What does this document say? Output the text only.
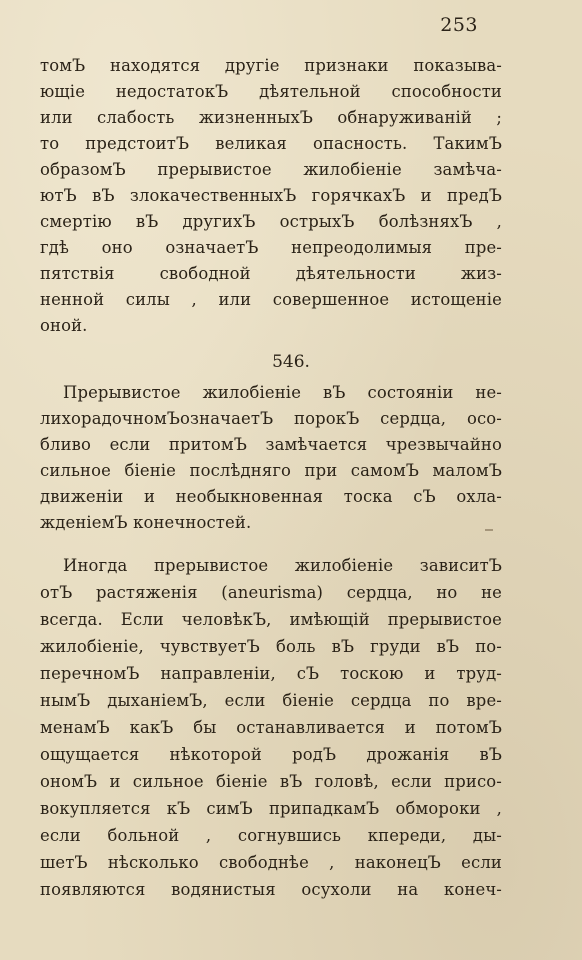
253
томЪ находятся другіе признаки показыва-
ющіе недостатокЪ дѣятельной способности
или слабость жизненныхЪ обнаруживаній ;
то предстоитЪ великая опасность. ТакимЪ
образомЪ прерывистое жилобіеніе замѣча-
ютЪ вЪ злокачественныхЪ горячкахЪ и предЪ
смертію вЪ другихЪ острыхЪ болѣзняхЪ ,
гдѣ оно означаетЪ непреодолимыя пре-
пятствія свободной дѣятельности жиз-
ненной силы , или совершенное истощеніе
оной.
546.
Прерывистое жилобіеніе вЪ состояніи не-
лихорадочномЪозначаетЪ порокЪ сердца, осо-
бливо если притомЪ замѣчается чрезвычайно
сильное біеніе послѣдняго при самомЪ маломЪ
движеніи и необыкновенная тоска сЪ охла-
жденіемЪ конечностей.
Иногда прерывистое жилобіеніе зависитЪ
отЪ растяженія (aneurisma) сердца, но не
всегда. Если человѣкЪ, имѣющій прерывистое
жилобіеніе, чувствуетЪ боль вЪ груди вЪ по-
перечномЪ направленіи, сЪ тоскою и труд-
нымЪ дыханіемЪ, если біеніе сердца по вре-
менамЪ какЪ бы останавливается и потомЪ
ощущается нѣкоторой родЪ дрожанія вЪ
ономЪ и сильное біеніе вЪ головѣ, если присо-
вокупляется кЪ симЪ припадкамЪ обмороки ,
если больной , согнувшись кпереди, ды-
шетЪ нѣсколько свободнѣе , наконецЪ если
появляются водянистыя осухоли на конеч-
